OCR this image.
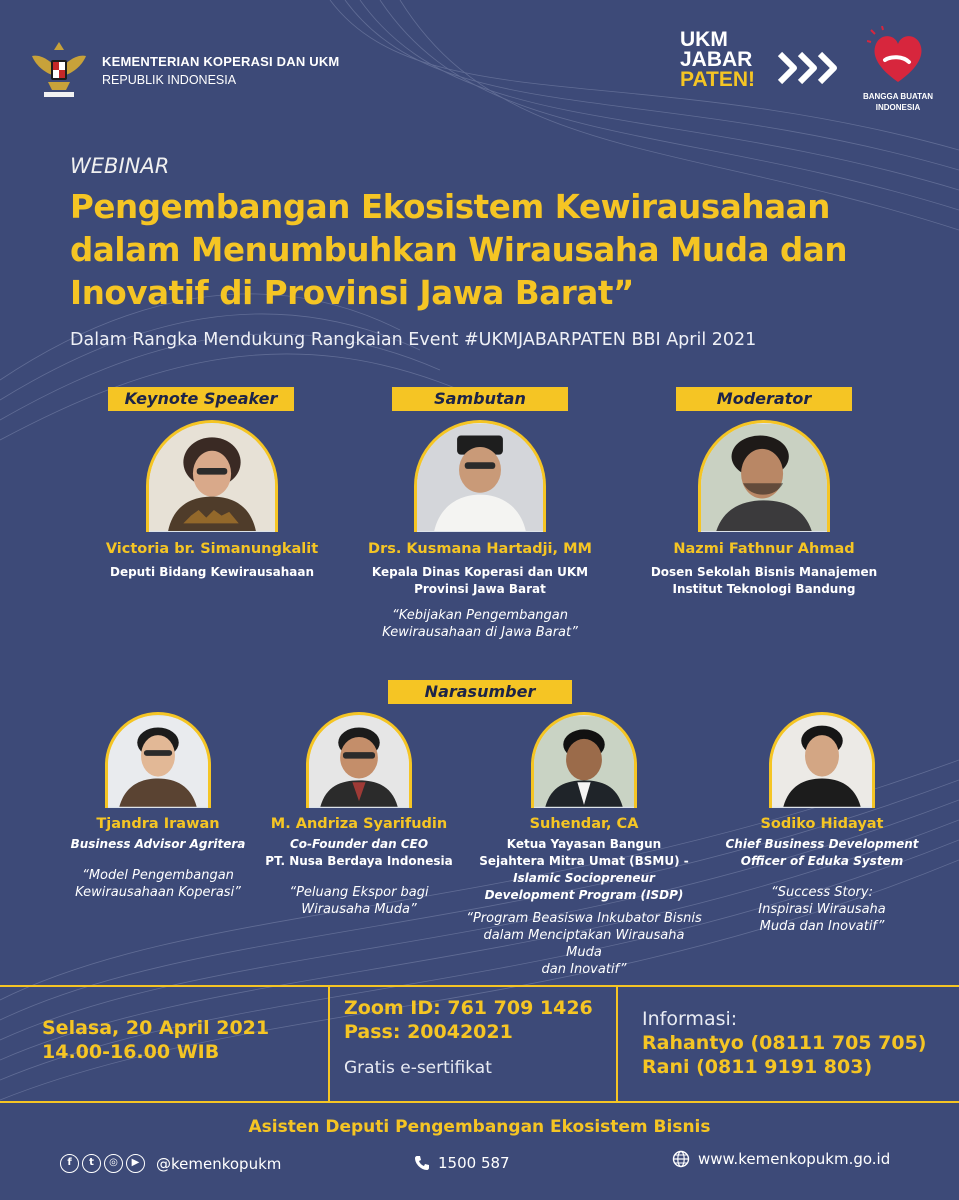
KEMENTERIAN KOPERASI DAN UKM
REPUBLIK INDONESIA
UKM
JABAR
PATEN!
BANGGA BUATAN
INDONESIA
WEBINAR
Pengembangan Ekosistem Kewirausahaan
dalam Menumbuhkan Wirausaha Muda dan
Inovatif di Provinsi Jawa Barat”
Dalam Rangka Mendukung Rangkaian Event #UKMJABARPATEN BBI April 2021
Keynote Speaker	Sambutan	Moderator
Victoria br. Simanungkalit
Deputi Bidang Kewirausahaan
Drs. Kusmana Hartadji, MM
Kepala Dinas Koperasi dan UKM
Provinsi Jawa Barat
“Kebijakan Pengembangan
Kewirausahaan di Jawa Barat”
Nazmi Fathnur Ahmad
Dosen Sekolah Bisnis Manajemen
Institut Teknologi Bandung
Narasumber
Tjandra Irawan
Business Advisor Agritera
“Model Pengembangan
Kewirausahaan Koperasi”
M. Andriza Syarifudin
Co-Founder dan CEO
PT. Nusa Berdaya Indonesia
“Peluang Ekspor bagi
Wirausaha Muda”
Suhendar, CA
Ketua Yayasan Bangun
Sejahtera Mitra Umat (BSMU) -
Islamic Sociopreneur
Development Program (ISDP)
“Program Beasiswa Inkubator Bisnis
dalam Menciptakan Wirausaha Muda
dan Inovatif”
Sodiko Hidayat
Chief Business Development
Officer of Eduka System
“Success Story:
Inspirasi Wirausaha
Muda dan Inovatif”
Selasa, 20 April 2021
14.00-16.00 WIB
Zoom ID: 761 709 1426
Pass: 20042021
Gratis e-sertifikat
Informasi:
Rahantyo (08111 705 705)
Rani (0811 9191 803)
Asisten Deputi Pengembangan Ekosistem Bisnis
f	t	◎	▶	@kemenkopukm	1500 587	www.kemenkopukm.go.id
